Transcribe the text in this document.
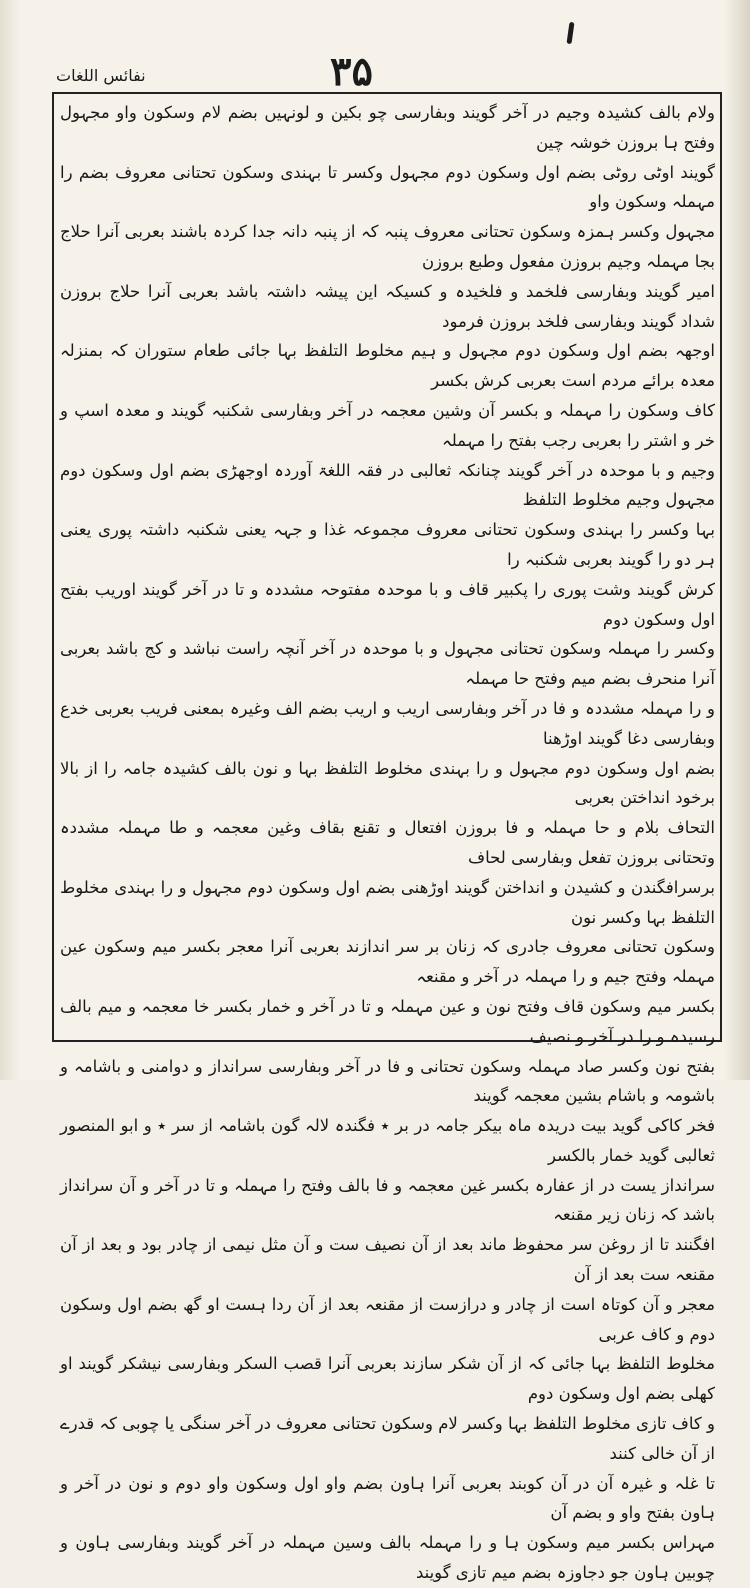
نفائس اللغات	۳۵

ولام بالف کشیدہ وجیم در آخر گویند وبفارسی چو بکین و لونہیں بضم لام وسکون واو مجہول وفتح ہا بروزن خوشہ چین

گویند اوٹی روٹی بضم اول وسکون دوم مجہول وکسر تا بہندی وسکون تحتانی معروف بضم را مہملہ وسکون واو

مجہول وکسر ہمزہ وسکون تحتانی معروف پنبہ کہ از پنبہ دانہ جدا کردہ باشند بعربی آنرا حلاج بجا مہملہ وجیم بروزن مفعول وطبع بروزن

امیر گویند وبفارسی فلخمد و فلخیدہ و کسیکہ این پیشہ داشتہ باشد بعربی آنرا حلاج بروزن شداد گویند وبفارسی فلخد بروزن فرمود

اوجھہ بضم اول وسکون دوم مجہول و ہیم مخلوط التلفظ بہا جائی طعام ستوران کہ بمنزلہ معدہ برائے مردم است بعربی کرش بکسر

کاف وسکون را مہملہ و بکسر آن وشین معجمہ در آخر وبفارسی شکنبہ گویند و معدہ اسپ و خر و اشتر را بعربی رجب بفتح را مہملہ

وجیم و با موحدہ در آخر گویند چنانکہ ثعالبی در فقہ اللغۃ آوردہ اوجھڑی بضم اول وسکون دوم مجہول وجیم مخلوط التلفظ

بہا وکسر را بہندی وسکون تحتانی معروف مجموعہ غذا و جہہ یعنی شکنبہ داشتہ پوری یعنی ہر دو را گویند بعربی شکنبہ را

کرش گویند وشت پوری را پکبیر قاف و با موحدہ مفتوحہ مشددہ و تا در آخر گویند اوریب بفتح اول وسکون دوم

وکسر را مہملہ وسکون تحتانی مجہول و با موحدہ در آخر آنچہ راست نباشد و کج باشد بعربی آنرا منحرف بضم میم وفتح حا مہملہ

و را مہملہ مشددہ و فا در آخر وبفارسی اریب و اریب بضم الف وغیرہ بمعنی فریب بعربی خدع وبفارسی دغا گویند اوڑھنا

بضم اول وسکون دوم مجہول و را بہندی مخلوط التلفظ بہا و نون بالف کشیدہ جامہ را از بالا برخود انداختن بعربی

التحاف بلام و حا مہملہ و فا بروزن افتعال و تقنع بقاف وغین معجمہ و طا مہملہ مشددہ وتحتانی بروزن تفعل وبفارسی لحاف

برسرافگندن و کشیدن و انداختن گویند اوڑھنی بضم اول وسکون دوم مجہول و را بہندی مخلوط التلفظ بہا وکسر نون

وسکون تحتانی معروف جادری کہ زنان بر سر اندازند بعربی آنرا معجر بکسر میم وسکون عین مہملہ وفتح جیم و را مہملہ در آخر و مقنعہ

بکسر میم وسکون قاف وفتح نون و عین مہملہ و تا در آخر و خمار بکسر خا معجمہ و میم بالف رسیدہ و را در آخر و نصیف

بفتح نون وکسر صاد مہملہ وسکون تحتانی و فا در آخر وبفارسی سرانداز و دوامنی و باشامہ و باشومہ و باشام بشین معجمہ گویند

فخر کاکی گوید بیت دریدہ ماہ بیکر جامہ در بر ٭ فگندہ لالہ گون باشامہ از سر ٭ و ابو المنصور ثعالبی گوید خمار بالکسر

سرانداز یست در از عفارہ بکسر غین معجمہ و فا بالف وفتح را مہملہ و تا در آخر و آن سرانداز باشد کہ زنان زیر مقنعہ

افگنند تا از روغن سر محفوظ ماند بعد از آن نصیف ست و آن مثل نیمی از چادر بود و بعد از آن مقنعہ ست بعد از آن

معجر و آن کوتاہ است از چادر و درازست از مقنعہ بعد از آن ردا ہست او گھ بضم اول وسکون دوم و کاف عربی

مخلوط التلفظ بہا جائی کہ از آن شکر سازند بعربی آنرا قصب السکر وبفارسی نیشکر گویند او کھلی بضم اول وسکون دوم

و کاف تازی مخلوط التلفظ بہا وکسر لام وسکون تحتانی معروف در آخر سنگی یا چوبی کہ قدرے از آن خالی کنند

تا غلہ و غیرہ آن در آن کوبند بعربی آنرا ہاون بضم واو اول وسکون واو دوم و نون در آخر و ہاون بفتح واو و بضم آن

مہراس بکسر میم وسکون ہا و را مہملہ بالف وسین مہملہ در آخر گویند وبفارسی ہاون و چوبین ہاون جو دجاوزہ بضم میم تازی گویند
